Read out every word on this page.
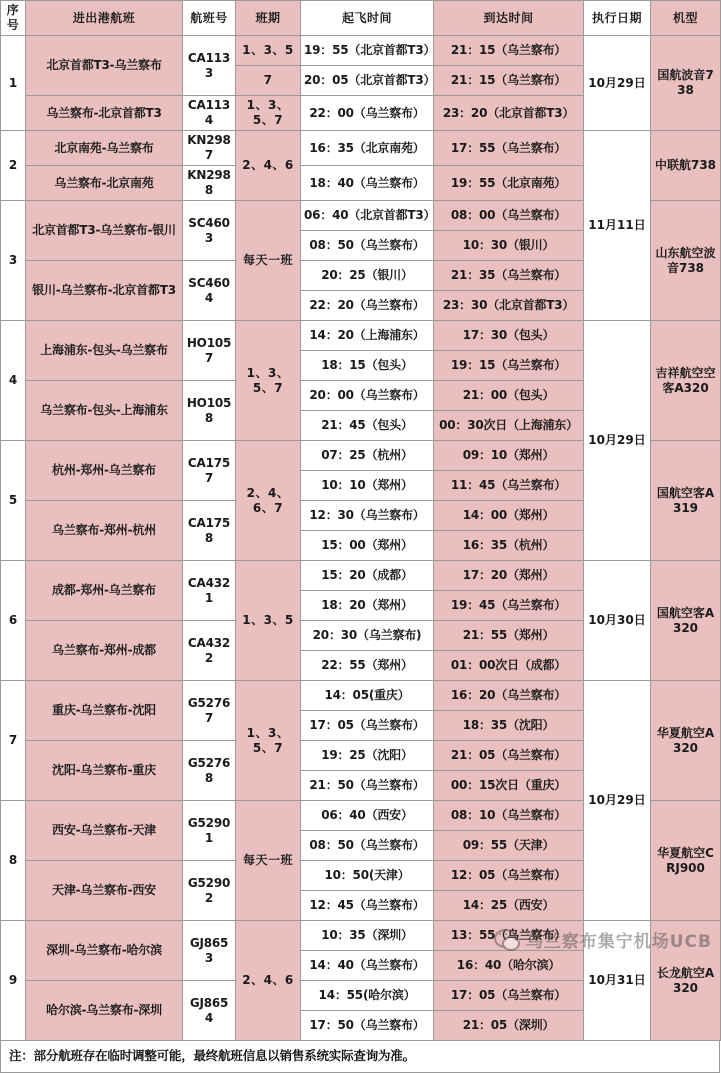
序号	进出港航班	航班号	班期	起飞时间	到达时间	执行日期	机型
1	北京首都T3-乌兰察布	CA1133	1、3、5	19：55（北京首都T3）	21：15（乌兰察布）	10月29日	国航波音738
			7	20：05（北京首都T3）	21：15（乌兰察布）		
	乌兰察布-北京首都T3	CA1134	1、3、5、7	22：00（乌兰察布）	23：20（北京首都T3）		
2	北京南苑-乌兰察布	KN2987	2、4、6	16：35（北京南苑）	17：55（乌兰察布）	11月11日	中联航738
	乌兰察布-北京南苑	KN2988		18：40（乌兰察布）	19：55（北京南苑）		
3	北京首都T3-乌兰察布-银川	SC4603	每天一班	06：40（北京首都T3）	08：00（乌兰察布）		山东航空波音738
				08：50（乌兰察布）	10：30（银川）		
	银川-乌兰察布-北京首都T3	SC4604		20：25（银川）	21：35（乌兰察布）		
				22：20（乌兰察布）	23：30（北京首都T3）		
4	上海浦东-包头-乌兰察布	HO1057	1、3、5、7	14：20（上海浦东）	17：30（包头）	10月29日	吉祥航空空客A320
				18：15（包头）	19：15（乌兰察布）		
	乌兰察布-包头-上海浦东	HO1058		20：00（乌兰察布）	21：00（包头）		
				21：45（包头）	00：30次日（上海浦东）		
5	杭州-郑州-乌兰察布	CA1757	2、4、6、7	07：25（杭州）	09：10（郑州）		国航空客A319
				10：10（郑州）	11：45（乌兰察布）		
	乌兰察布-郑州-杭州	CA1758		12：30（乌兰察布）	14：00（郑州）		
				15：00（郑州）	16：35（杭州）		
6	成都-郑州-乌兰察布	CA4321	1、3、5	15：20（成都）	17：20（郑州）	10月30日	国航空客A320
				18：20（郑州）	19：45（乌兰察布）		
	乌兰察布-郑州-成都	CA4322		20：30（乌兰察布)	21：55（郑州）		
				22：55（郑州）	01：00次日（成都）		
7	重庆-乌兰察布-沈阳	G52767	1、3、5、7	14：05(重庆）	16：20（乌兰察布）	10月29日	华夏航空A320
				17：05（乌兰察布）	18：35（沈阳）		
	沈阳-乌兰察布-重庆	G52768		19：25（沈阳）	21：05（乌兰察布）		
				21：50（乌兰察布）	00：15次日（重庆）		
8	西安-乌兰察布-天津	G52901	每天一班	06：40（西安）	08：10（乌兰察布）		华夏航空CRJ900
				08：50（乌兰察布）	09：55（天津）		
	天津-乌兰察布-西安	G52902		10：50(天津）	12：05（乌兰察布）		
				12：45（乌兰察布）	14：25（西安）		
9	深圳-乌兰察布-哈尔滨	GJ8653	2、4、6	10：35（深圳）	13：55（乌兰察布）	10月31日	长龙航空A320
				14：40（乌兰察布）	16：40（哈尔滨）		
	哈尔滨-乌兰察布-深圳	GJ8654		14：55(哈尔滨）	17：05（乌兰察布）		
				17：50（乌兰察布）	21：05（深圳）		
注：部分航班存在临时调整可能，最终航班信息以销售系统实际查询为准。
乌兰察布集宁机场UCB
